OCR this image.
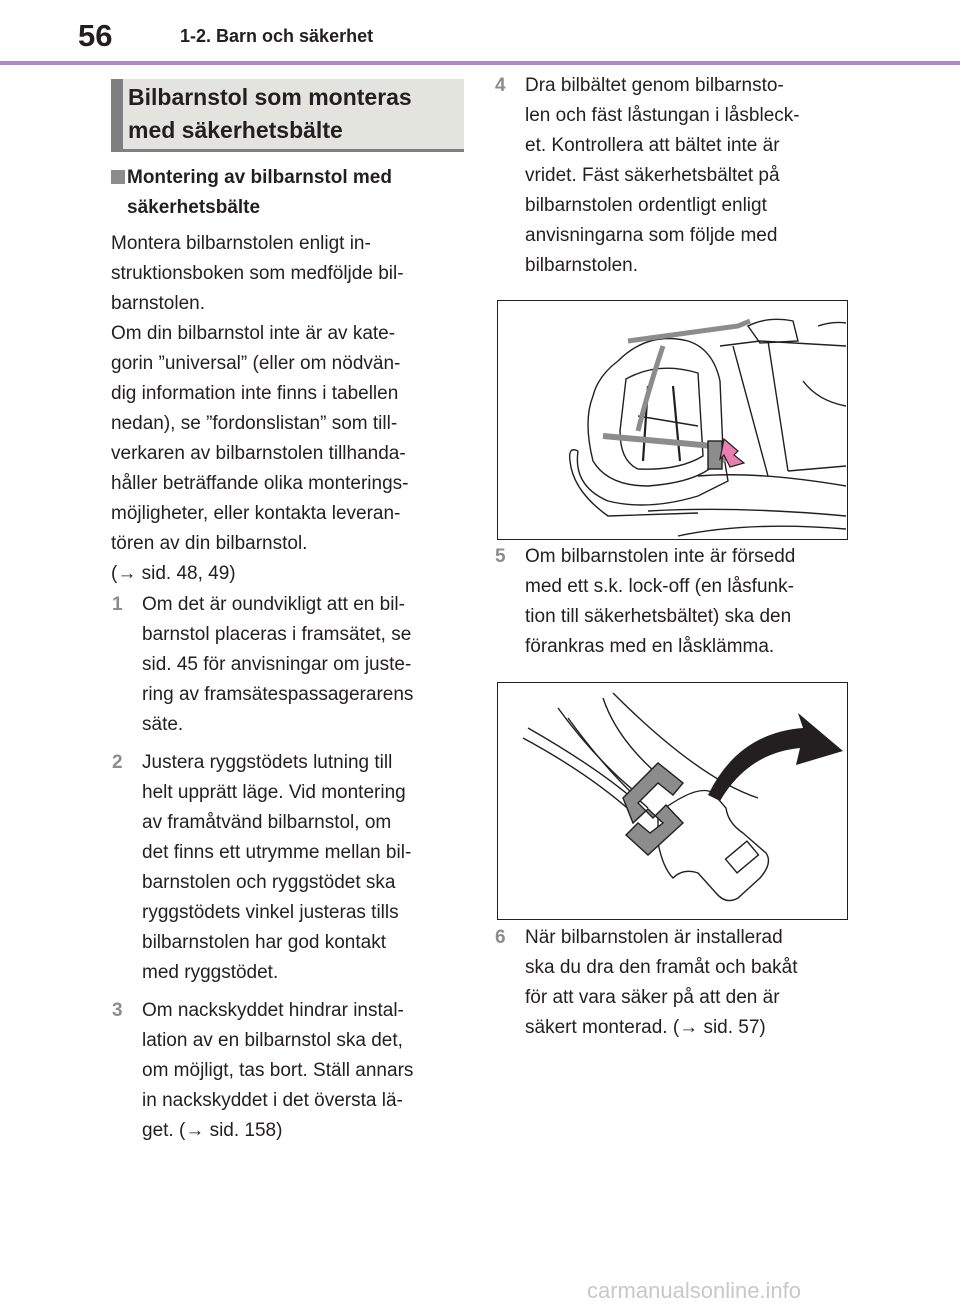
56	1-2. Barn och säkerhet
Bilbarnstol som monteras
med säkerhetsbälte
Montering av bilbarnstol med
säkerhetsbälte
Montera bilbarnstolen enligt in-
struktionsboken som medföljde bil-
barnstolen.
Om din bilbarnstol inte är av kate-
gorin ”universal” (eller om nödvän-
dig information inte finns i tabellen
nedan), se ”fordonslistan” som till-
verkaren av bilbarnstolen tillhanda-
håller beträffande olika monterings-
möjligheter, eller kontakta leveran-
tören av din bilbarnstol.
(→ sid. 48, 49)
1 Om det är oundvikligt att en bil-
barnstol placeras i framsätet, se
sid. 45 för anvisningar om juste-
ring av framsätespassagerarens
säte.
2 Justera ryggstödets lutning till
helt upprätt läge. Vid montering
av framåtvänd bilbarnstol, om
det finns ett utrymme mellan bil-
barnstolen och ryggstödet ska
ryggstödets vinkel justeras tills
bilbarnstolen har god kontakt
med ryggstödet.
3 Om nackskyddet hindrar instal-
lation av en bilbarnstol ska det,
om möjligt, tas bort. Ställ annars
in nackskyddet i det översta lä-
get. (→ sid. 158)
4 Dra bilbältet genom bilbarnsto-
len och fäst låstungan i låsbleck-
et. Kontrollera att bältet inte är
vridet. Fäst säkerhetsbältet på
bilbarnstolen ordentligt enligt
anvisningarna som följde med
bilbarnstolen.
5 Om bilbarnstolen inte är försedd
med ett s.k. lock-off (en låsfunk-
tion till säkerhetsbältet) ska den
förankras med en låsklämma.
6 När bilbarnstolen är installerad
ska du dra den framåt och bakåt
för att vara säker på att den är
säkert monterad. (→ sid. 57)
carmanualsonline.info
